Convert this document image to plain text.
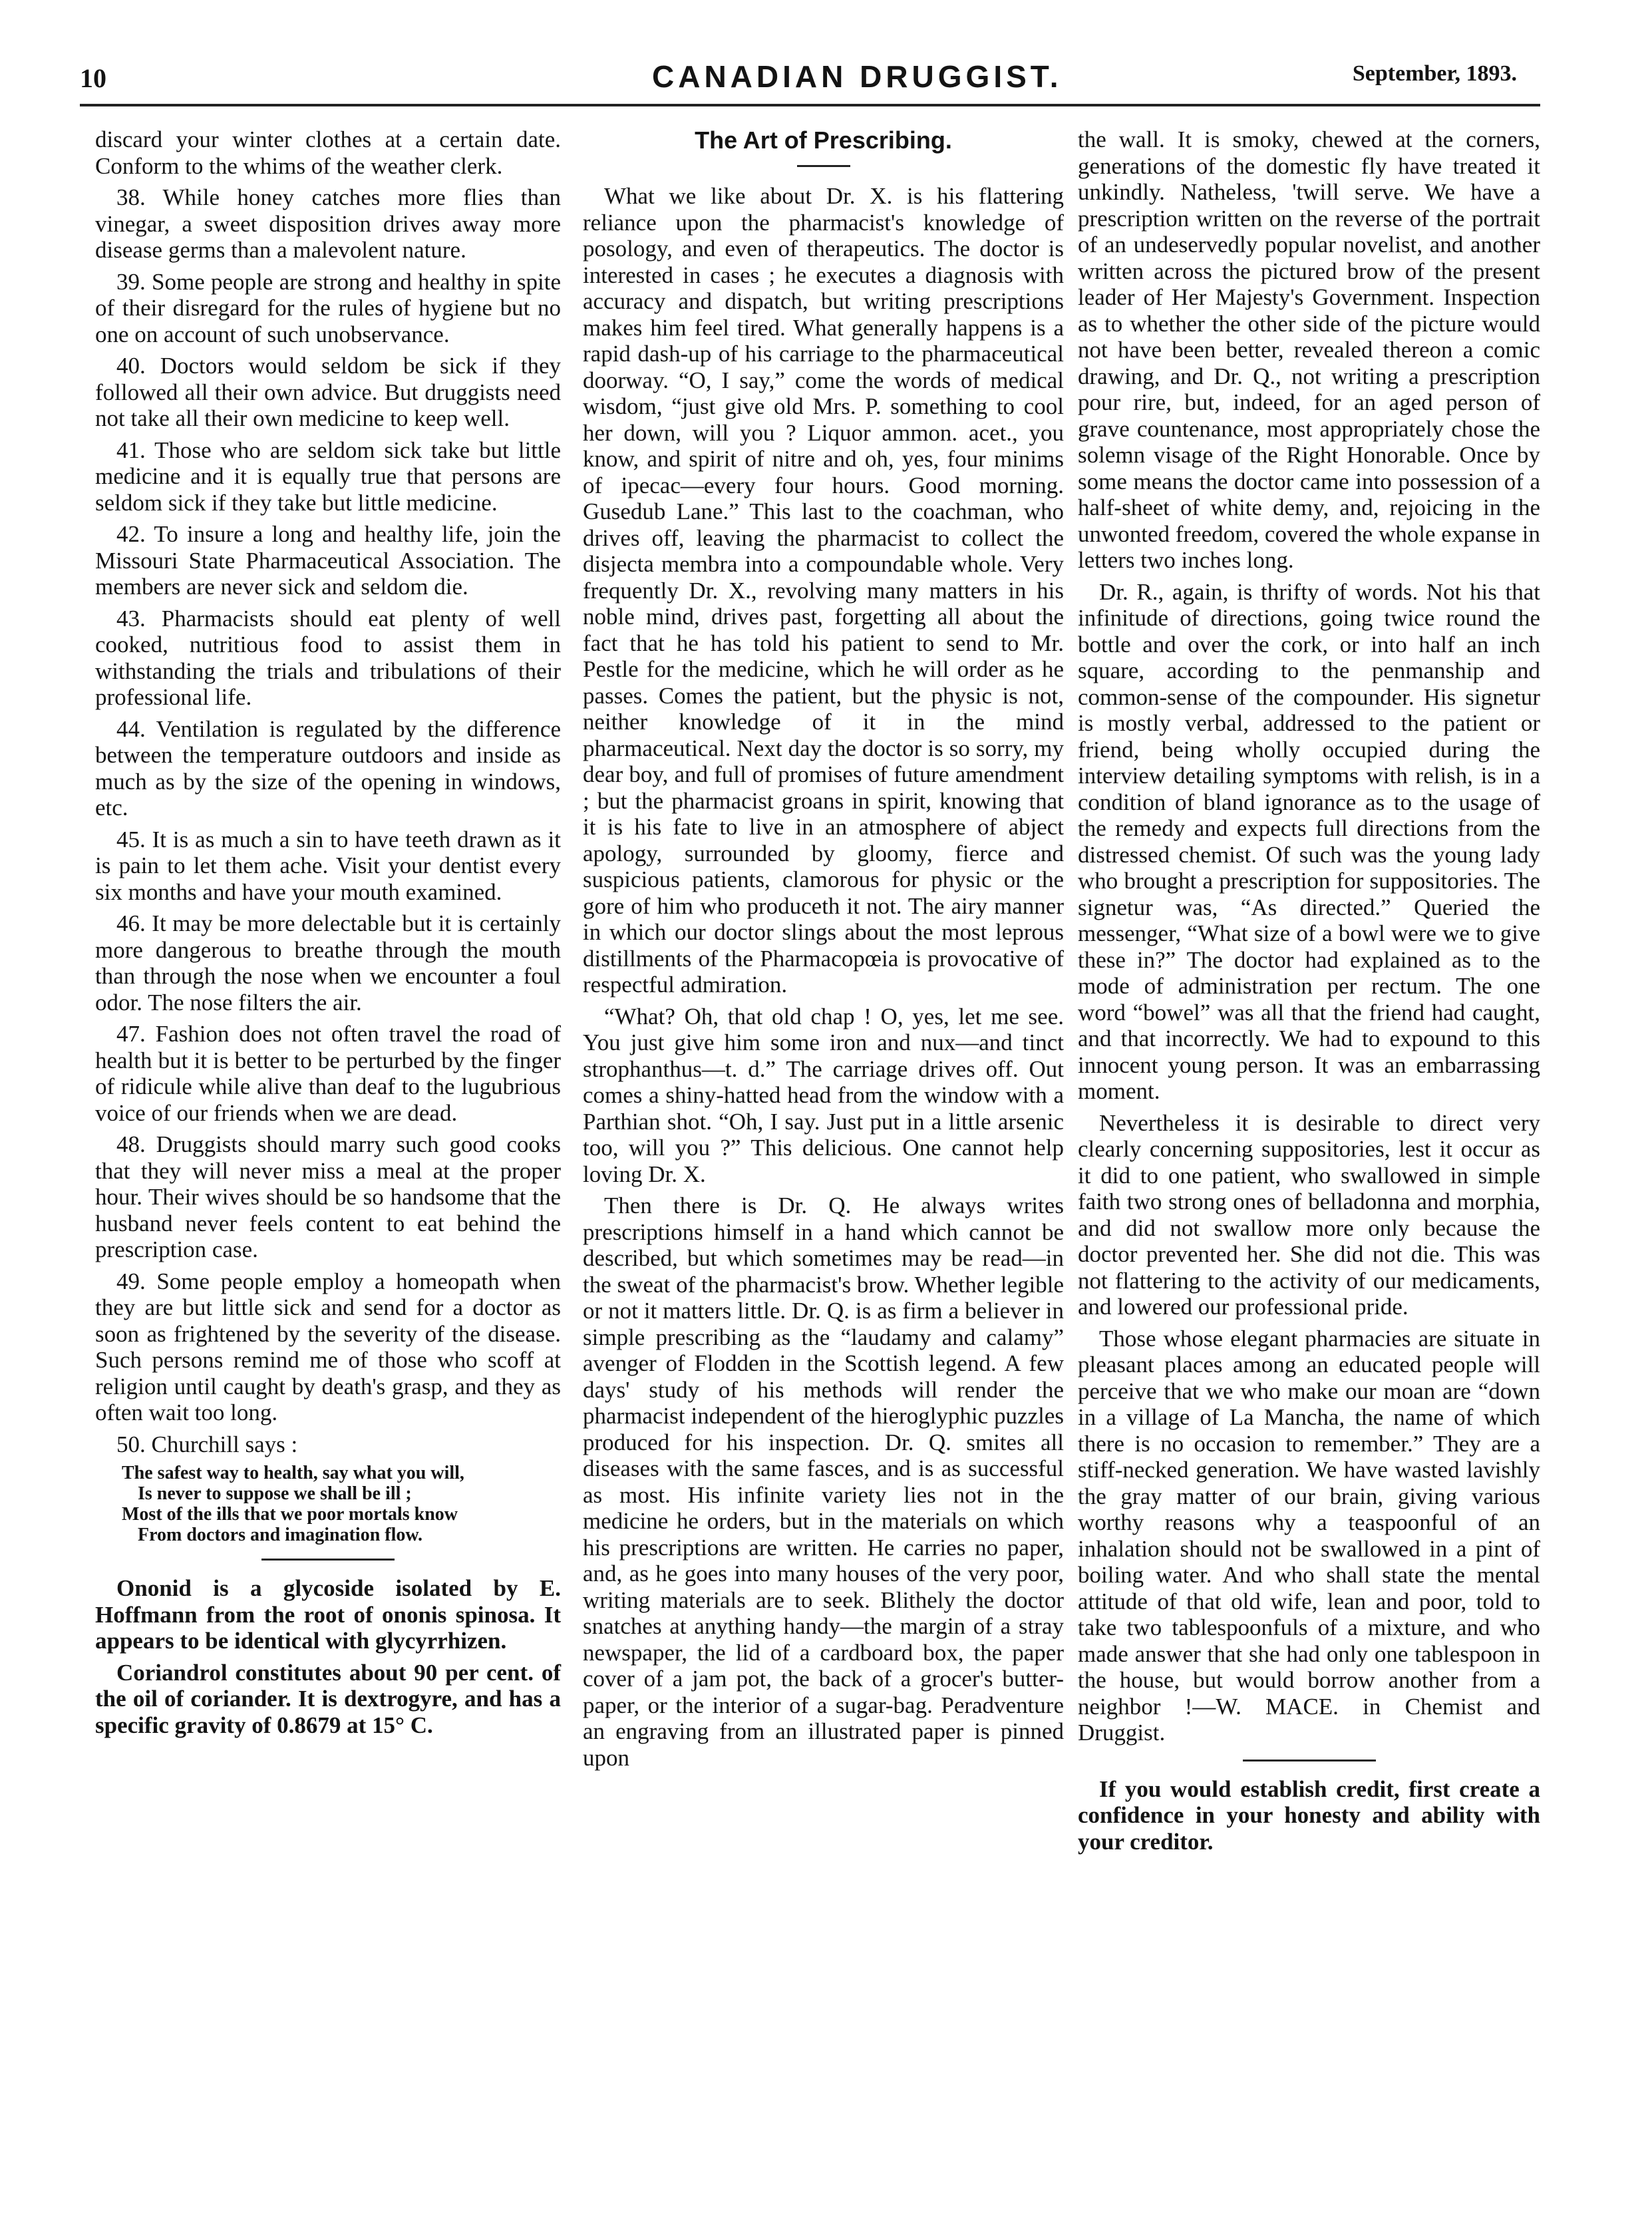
10	CANADIAN DRUGGIST.	September, 1893.

discard your winter clothes at a certain date. Conform to the whims of the weather clerk.

38. While honey catches more flies than vinegar, a sweet disposition drives away more disease germs than a malevolent nature.

39. Some people are strong and healthy in spite of their disregard for the rules of hygiene but no one on account of such unobservance.

40. Doctors would seldom be sick if they followed all their own advice. But druggists need not take all their own medicine to keep well.

41. Those who are seldom sick take but little medicine and it is equally true that persons are seldom sick if they take but little medicine.

42. To insure a long and healthy life, join the Missouri State Pharmaceutical Association. The members are never sick and seldom die.

43. Pharmacists should eat plenty of well cooked, nutritious food to assist them in withstanding the trials and tribulations of their professional life.

44. Ventilation is regulated by the difference between the temperature outdoors and inside as much as by the size of the opening in windows, etc.

45. It is as much a sin to have teeth drawn as it is pain to let them ache. Visit your dentist every six months and have your mouth examined.

46. It may be more delectable but it is certainly more dangerous to breathe through the mouth than through the nose when we encounter a foul odor. The nose filters the air.

47. Fashion does not often travel the road of health but it is better to be perturbed by the finger of ridicule while alive than deaf to the lugubrious voice of our friends when we are dead.

48. Druggists should marry such good cooks that they will never miss a meal at the proper hour. Their wives should be so handsome that the husband never feels content to eat behind the prescription case.

49. Some people employ a homeopath when they are but little sick and send for a doctor as soon as frightened by the severity of the disease. Such persons remind me of those who scoff at religion until caught by death's grasp, and they as often wait too long.

50. Churchill says :

The safest way to health, say what you will,
Is never to suppose we shall be ill ;
Most of the ills that we poor mortals know
From doctors and imagination flow.

Ononid is a glycoside isolated by E. Hoffmann from the root of ononis spinosa. It appears to be identical with glycyrrhizen.

Coriandrol constitutes about 90 per cent. of the oil of coriander. It is dextrogyre, and has a specific gravity of 0.8679 at 15° C.

The Art of Prescribing.

What we like about Dr. X. is his flattering reliance upon the pharmacist's knowledge of posology, and even of therapeutics. The doctor is interested in cases ; he executes a diagnosis with accuracy and dispatch, but writing prescriptions makes him feel tired. What generally happens is a rapid dash-up of his carriage to the pharmaceutical doorway. “O, I say,” come the words of medical wisdom, “just give old Mrs. P. something to cool her down, will you ? Liquor ammon. acet., you know, and spirit of nitre and oh, yes, four minims of ipecac—every four hours. Good morning. Gusedub Lane.” This last to the coachman, who drives off, leaving the pharmacist to collect the disjecta membra into a compoundable whole. Very frequently Dr. X., revolving many matters in his noble mind, drives past, forgetting all about the fact that he has told his patient to send to Mr. Pestle for the medicine, which he will order as he passes. Comes the patient, but the physic is not, neither knowledge of it in the mind pharmaceutical. Next day the doctor is so sorry, my dear boy, and full of promises of future amendment ; but the pharmacist groans in spirit, knowing that it is his fate to live in an atmosphere of abject apology, surrounded by gloomy, fierce and suspicious patients, clamorous for physic or the gore of him who produceth it not. The airy manner in which our doctor slings about the most leprous distillments of the Pharmacopœia is provocative of respectful admiration.

“What? Oh, that old chap ! O, yes, let me see. You just give him some iron and nux—and tinct strophanthus—t. d.” The carriage drives off. Out comes a shiny-hatted head from the window with a Parthian shot. “Oh, I say. Just put in a little arsenic too, will you ?” This delicious. One cannot help loving Dr. X.

Then there is Dr. Q. He always writes prescriptions himself in a hand which cannot be described, but which sometimes may be read—in the sweat of the pharmacist's brow. Whether legible or not it matters little. Dr. Q. is as firm a believer in simple prescribing as the “laudamy and calamy” avenger of Flodden in the Scottish legend. A few days' study of his methods will render the pharmacist independent of the hieroglyphic puzzles produced for his inspection. Dr. Q. smites all diseases with the same fasces, and is as successful as most. His infinite variety lies not in the medicine he orders, but in the materials on which his prescriptions are written. He carries no paper, and, as he goes into many houses of the very poor, writing materials are to seek. Blithely the doctor snatches at anything handy—the margin of a stray newspaper, the lid of a cardboard box, the paper cover of a jam pot, the back of a grocer's butter-paper, or the interior of a sugar-bag. Peradventure an engraving from an illustrated paper is pinned upon

the wall. It is smoky, chewed at the corners, generations of the domestic fly have treated it unkindly. Natheless, 'twill serve. We have a prescription written on the reverse of the portrait of an undeservedly popular novelist, and another written across the pictured brow of the present leader of Her Majesty's Government. Inspection as to whether the other side of the picture would not have been better, revealed thereon a comic drawing, and Dr. Q., not writing a prescription pour rire, but, indeed, for an aged person of grave countenance, most appropriately chose the solemn visage of the Right Honorable. Once by some means the doctor came into possession of a half-sheet of white demy, and, rejoicing in the unwonted freedom, covered the whole expanse in letters two inches long.

Dr. R., again, is thrifty of words. Not his that infinitude of directions, going twice round the bottle and over the cork, or into half an inch square, according to the penmanship and common-sense of the compounder. His signetur is mostly verbal, addressed to the patient or friend, being wholly occupied during the interview detailing symptoms with relish, is in a condition of bland ignorance as to the usage of the remedy and expects full directions from the distressed chemist. Of such was the young lady who brought a prescription for suppositories. The signetur was, “As directed.” Queried the messenger, “What size of a bowl were we to give these in?” The doctor had explained as to the mode of administration per rectum. The one word “bowel” was all that the friend had caught, and that incorrectly. We had to expound to this innocent young person. It was an embarrassing moment.

Nevertheless it is desirable to direct very clearly concerning suppositories, lest it occur as it did to one patient, who swallowed in simple faith two strong ones of belladonna and morphia, and did not swallow more only because the doctor prevented her. She did not die. This was not flattering to the activity of our medicaments, and lowered our professional pride.

Those whose elegant pharmacies are situate in pleasant places among an educated people will perceive that we who make our moan are “down in a village of La Mancha, the name of which there is no occasion to remember.” They are a stiff-necked generation. We have wasted lavishly the gray matter of our brain, giving various worthy reasons why a teaspoonful of an inhalation should not be swallowed in a pint of boiling water. And who shall state the mental attitude of that old wife, lean and poor, told to take two tablespoonfuls of a mixture, and who made answer that she had only one tablespoon in the house, but would borrow another from a neighbor !—W. MACE. in Chemist and Druggist.

If you would establish credit, first create a confidence in your honesty and ability with your creditor.
